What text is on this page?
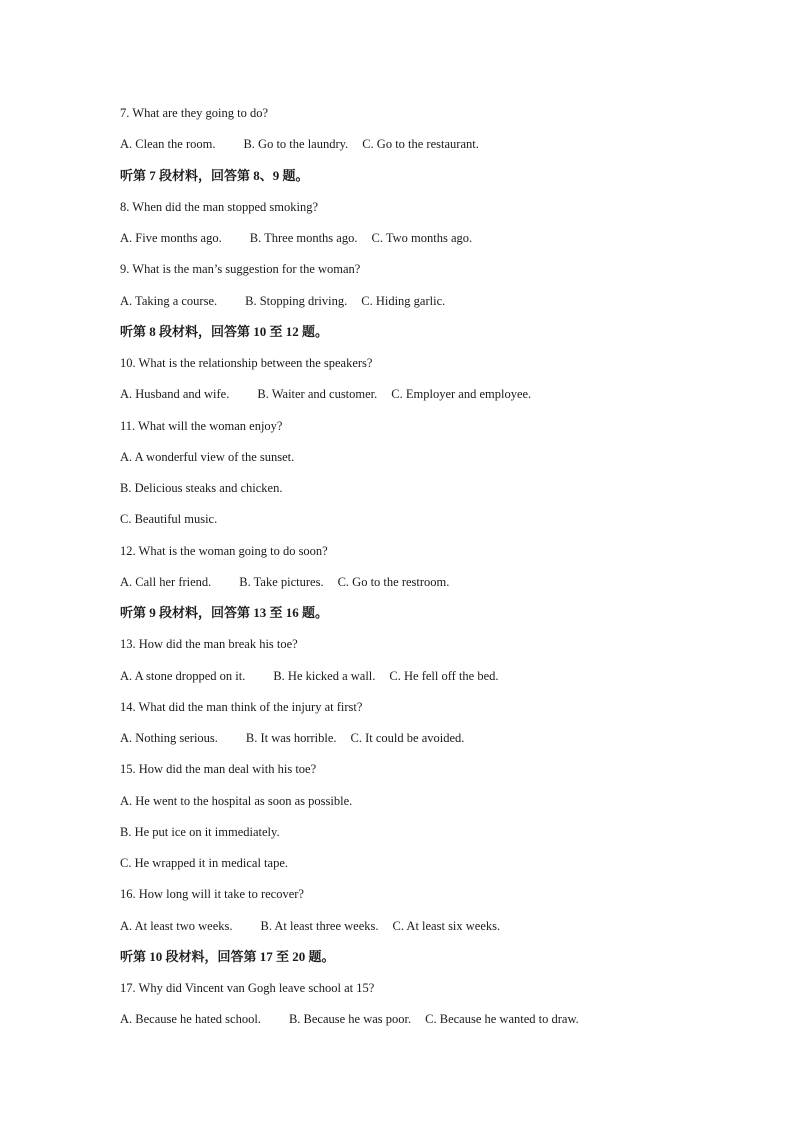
7. What are they going to do?
A. Clean the room. B. Go to the laundry. C. Go to the restaurant.
听第 7 段材料，回答第 8、9 题。
8. When did the man stopped smoking?
A. Five months ago. B. Three months ago. C. Two months ago.
9. What is the man’s suggestion for the woman?
A. Taking a course. B. Stopping driving. C. Hiding garlic.
听第 8 段材料，回答第 10 至 12 题。
10. What is the relationship between the speakers?
A. Husband and wife. B. Waiter and customer. C. Employer and employee.
11. What will the woman enjoy?
A. A wonderful view of the sunset.
B. Delicious steaks and chicken.
C. Beautiful music.
12. What is the woman going to do soon?
A. Call her friend. B. Take pictures. C. Go to the restroom.
听第 9 段材料，回答第 13 至 16 题。
13. How did the man break his toe?
A. A stone dropped on it. B. He kicked a wall. C. He fell off the bed.
14. What did the man think of the injury at first?
A. Nothing serious. B. It was horrible. C. It could be avoided.
15. How did the man deal with his toe?
A. He went to the hospital as soon as possible.
B. He put ice on it immediately.
C. He wrapped it in medical tape.
16. How long will it take to recover?
A. At least two weeks. B. At least three weeks. C. At least six weeks.
听第 10 段材料，回答第 17 至 20 题。
17. Why did Vincent van Gogh leave school at 15?
A. Because he hated school. B. Because he was poor. C. Because he wanted to draw.
